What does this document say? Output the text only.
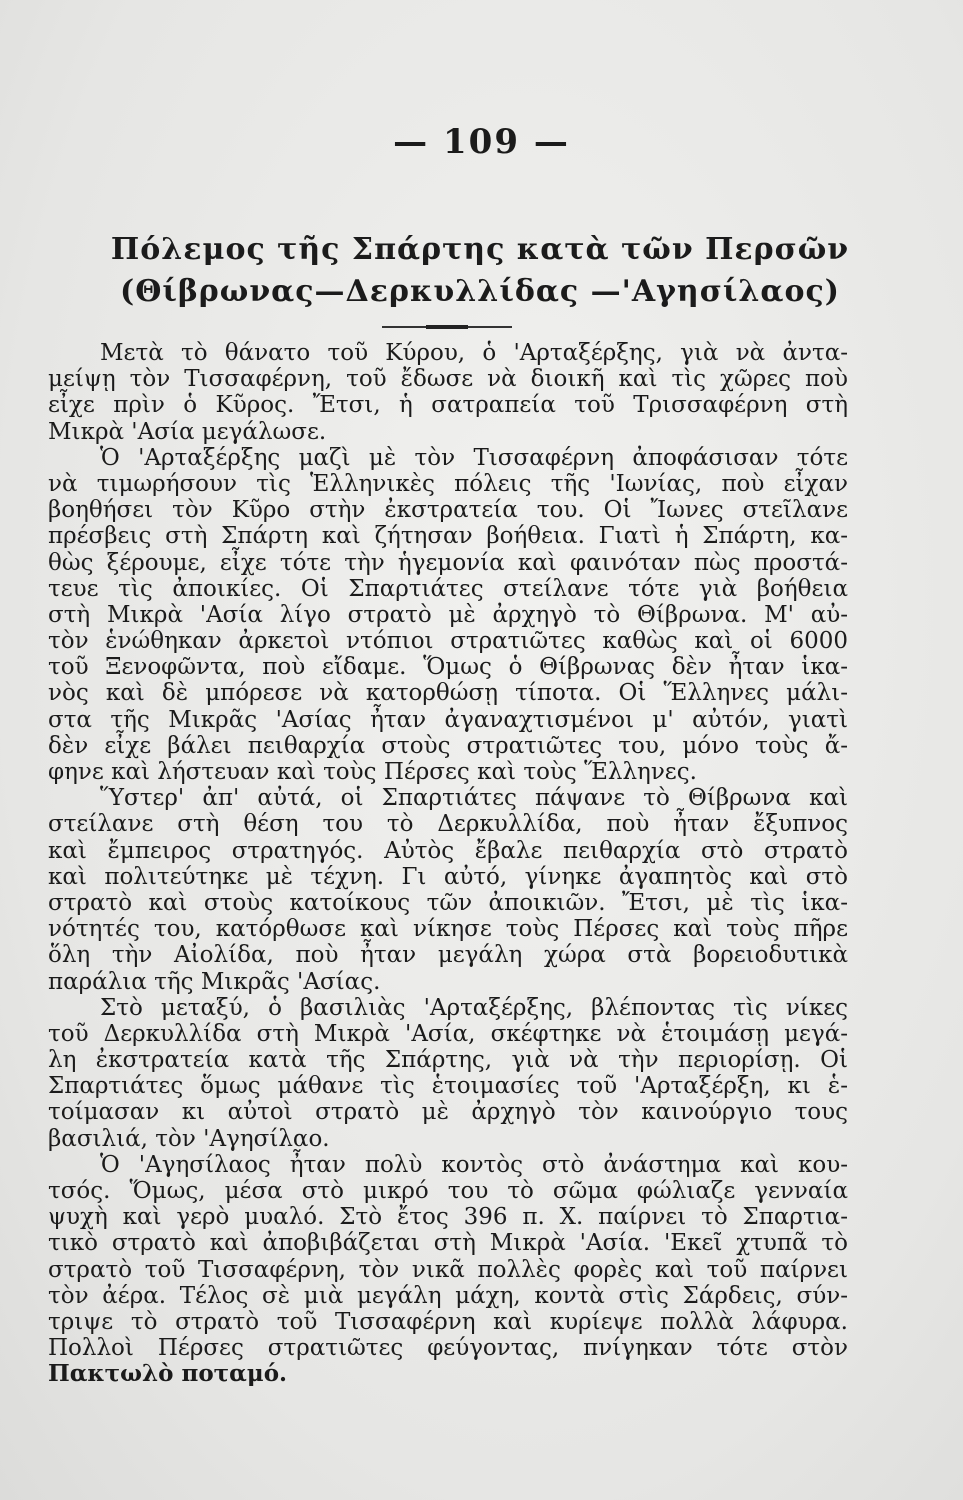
— 109 —
Πόλεμος τῆς Σπάρτης κατὰ τῶν Περσῶν
(Θίβρωνας—Δερκυλλίδας —'Αγησίλαος)
Μετὰ τὸ θάνατο τοῦ Κύρου, ὁ 'Αρταξέρξης, γιὰ νὰ ἀντα-
μείψῃ τὸν Τισσαφέρνη, τοῦ ἔδωσε νὰ διοικῆ καὶ τὶς χῶρες ποὺ
εἶχε πρὶν ὁ Κῦρος. Ἔτσι, ἡ σατραπεία τοῦ Τρισσαφέρνη στὴ
Μικρὰ 'Ασία μεγάλωσε.
Ὁ 'Αρταξέρξης μαζὶ μὲ τὸν Τισσαφέρνη ἀποφάσισαν τότε
νὰ τιμωρήσουν τὶς Ἑλληνικὲς πόλεις τῆς 'Ιωνίας, ποὺ εἶχαν
βοηθήσει τὸν Κῦρο στὴν ἐκστρατεία του. Οἱ Ἴωνες στεῖλανε
πρέσβεις στὴ Σπάρτη καὶ ζήτησαν βοήθεια. Γιατὶ ἡ Σπάρτη, κα-
θὼς ξέρουμε, εἶχε τότε τὴν ἡγεμονία καὶ φαινόταν πὼς προστά-
τευε τὶς ἀποικίες. Οἱ Σπαρτιάτες στείλανε τότε γιὰ βοήθεια
στὴ Μικρὰ 'Ασία λίγο στρατὸ μὲ ἀρχηγὸ τὸ Θίβρωνα. Μ' αὐ-
τὸν ἑνώθηκαν ἀρκετοὶ ντόπιοι στρατιῶτες καθὼς καὶ οἱ 6000
τοῦ Ξενοφῶντα, ποὺ εἴδαμε. Ὅμως ὁ Θίβρωνας δὲν ἦταν ἱκα-
νὸς καὶ δὲ μπόρεσε νὰ κατορθώσῃ τίποτα. Οἱ Ἕλληνες μάλι-
στα τῆς Μικρᾶς 'Ασίας ἦταν ἀγαναχτισμένοι μ' αὐτόν, γιατὶ
δὲν εἶχε βάλει πειθαρχία στοὺς στρατιῶτες του, μόνο τοὺς ἄ-
φηνε καὶ λήστευαν καὶ τοὺς Πέρσες καὶ τοὺς Ἕλληνες.
Ὕστερ' ἀπ' αὐτά, οἱ Σπαρτιάτες πάψανε τὸ Θίβρωνα καὶ
στείλανε στὴ θέση του τὸ Δερκυλλίδα, ποὺ ἦταν ἔξυπνος
καὶ ἔμπειρος στρατηγός. Αὐτὸς ἔβαλε πειθαρχία στὸ στρατὸ
καὶ πολιτεύτηκε μὲ τέχνη. Γι αὐτό, γίνηκε ἀγαπητὸς καὶ στὸ
στρατὸ καὶ στοὺς κατοίκους τῶν ἀποικιῶν. Ἔτσι, μὲ τὶς ἱκα-
νότητές του, κατόρθωσε καὶ νίκησε τοὺς Πέρσες καὶ τοὺς πῆρε
ὅλη τὴν Αἰολίδα, ποὺ ἦταν μεγάλη χώρα στὰ βορειοδυτικὰ
παράλια τῆς Μικρᾶς 'Ασίας.
Στὸ μεταξύ, ὁ βασιλιὰς 'Αρταξέρξης, βλέποντας τὶς νίκες
τοῦ Δερκυλλίδα στὴ Μικρὰ 'Ασία, σκέφτηκε νὰ ἑτοιμάσῃ μεγά-
λη ἐκστρατεία κατὰ τῆς Σπάρτης, γιὰ νὰ τὴν περιορίσῃ. Οἱ
Σπαρτιάτες ὅμως μάθανε τὶς ἑτοιμασίες τοῦ 'Αρταξέρξη, κι ἑ-
τοίμασαν κι αὐτοὶ στρατὸ μὲ ἀρχηγὸ τὸν καινούργιο τους
βασιλιά, τὸν 'Αγησίλαο.
Ὁ 'Αγησίλαος ἦταν πολὺ κοντὸς στὸ ἀνάστημα καὶ κου-
τσός. Ὅμως, μέσα στὸ μικρό του τὸ σῶμα φώλιαζε γενναία
ψυχὴ καὶ γερὸ μυαλό. Στὸ ἔτος 396 π. Χ. παίρνει τὸ Σπαρτια-
τικὸ στρατὸ καὶ ἀποβιβάζεται στὴ Μικρὰ 'Ασία. 'Εκεῖ χτυπᾶ τὸ
στρατὸ τοῦ Τισσαφέρνη, τὸν νικᾶ πολλὲς φορὲς καὶ τοῦ παίρνει
τὸν ἀέρα. Τέλος σὲ μιὰ μεγάλη μάχη, κοντὰ στὶς Σάρδεις, σύν-
τριψε τὸ στρατὸ τοῦ Τισσαφέρνη καὶ κυρίεψε πολλὰ λάφυρα.
Πολλοὶ Πέρσες στρατιῶτες φεύγοντας, πνίγηκαν τότε στὸν
Πακτωλὸ ποταμό.
